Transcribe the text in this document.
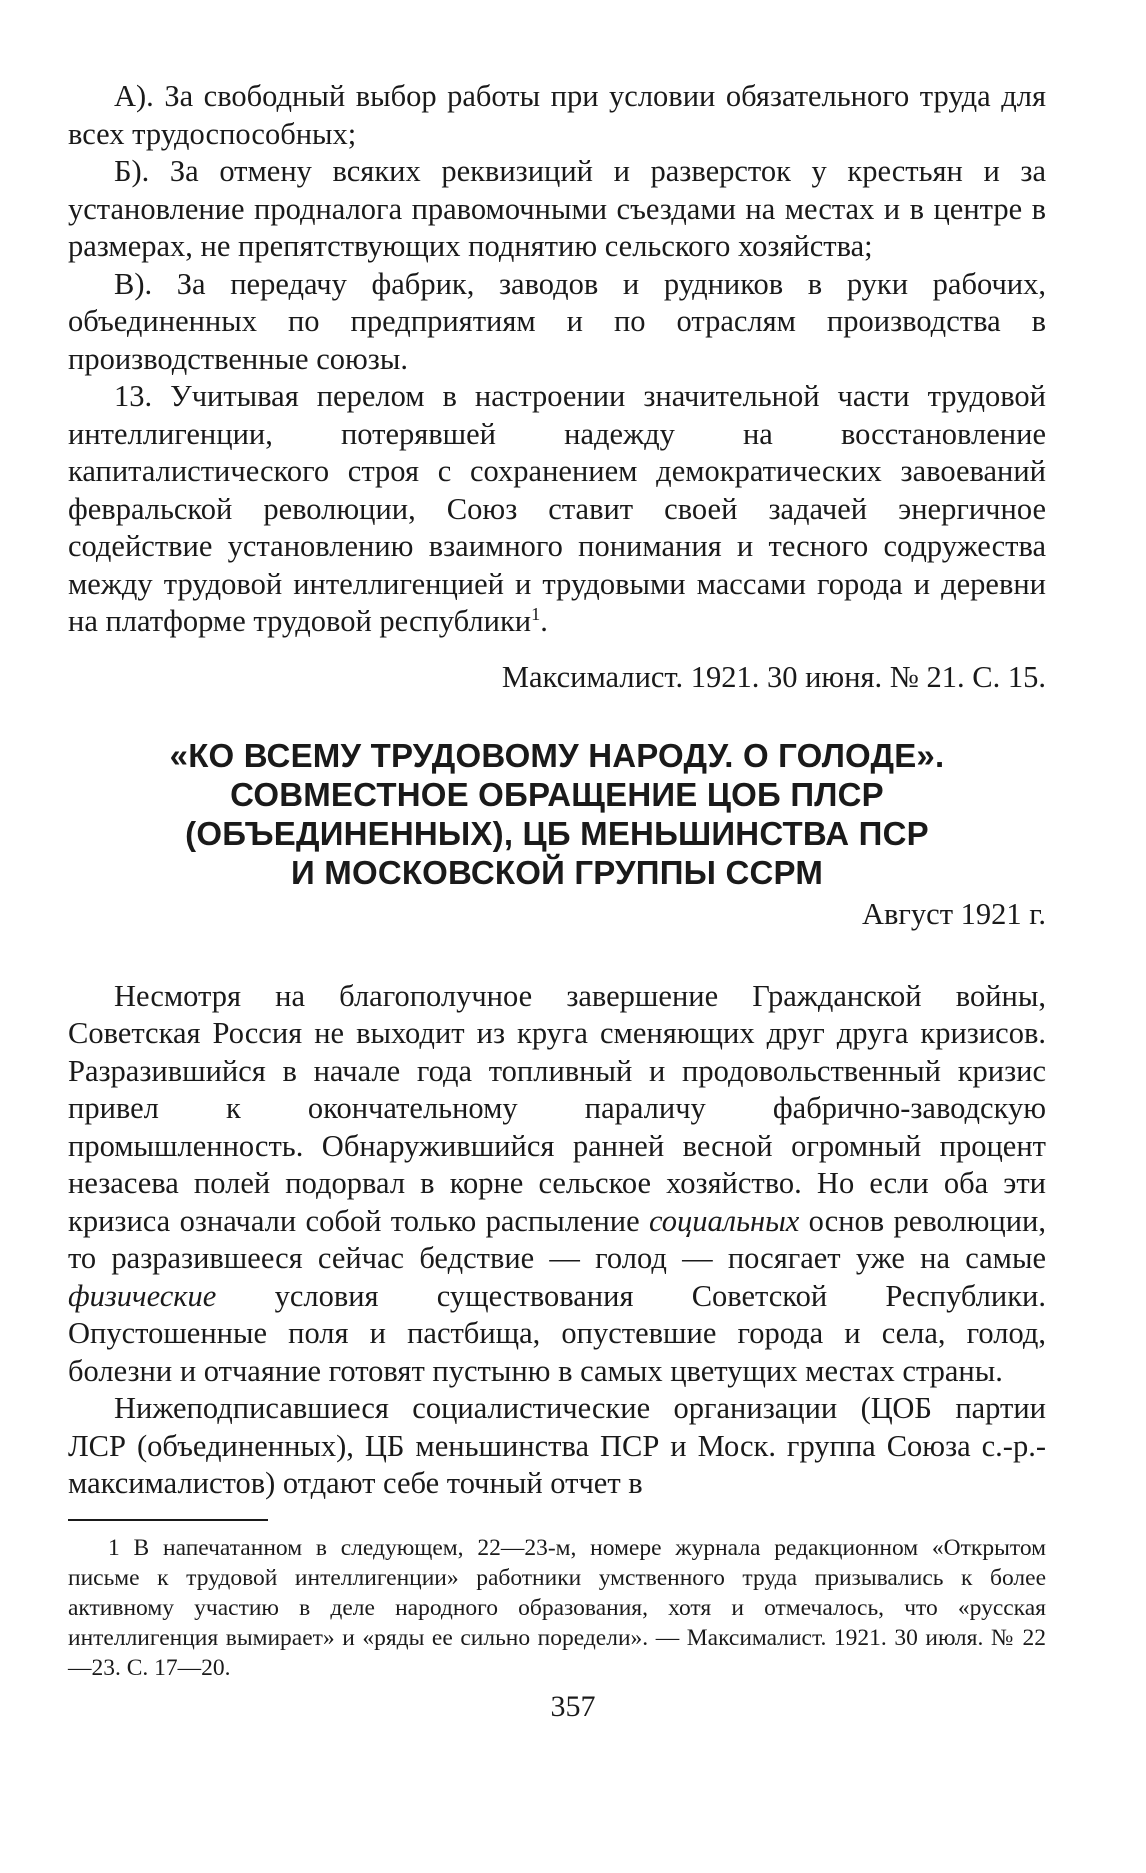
А). За свободный выбор работы при условии обязательного труда для всех трудоспособных;

Б). За отмену всяких реквизиций и разверсток у крестьян и за установление продналога правомочными съездами на местах и в центре в размерах, не препятствующих поднятию сельского хозяйства;

В). За передачу фабрик, заводов и рудников в руки рабочих, объединенных по предприятиям и по отраслям производства в производственные союзы.

13. Учитывая перелом в настроении значительной части трудовой интеллигенции, потерявшей надежду на восстановление капиталистического строя с сохранением демократических завоеваний февральской революции, Союз ставит своей задачей энергичное содействие установлению взаимного понимания и тесного содружества между трудовой интеллигенцией и трудовыми массами города и деревни на платформе трудовой республики$^1$.

Максималист. 1921. 30 июня. № 21. С. 15.

«КО ВСЕМУ ТРУДОВОМУ НАРОДУ. О ГОЛОДЕ».
СОВМЕСТНОЕ ОБРАЩЕНИЕ ЦОБ ПЛСР
(ОБЪЕДИНЕННЫХ), ЦБ МЕНЬШИНСТВА ПСР
И МОСКОВСКОЙ ГРУППЫ ССРМ

Август 1921 г.

Несмотря на благополучное завершение Гражданской войны, Советская Россия не выходит из круга сменяющих друг друга кризисов. Разразившийся в начале года топливный и продовольственный кризис привел к окончательному параличу фабрично-заводскую промышленность. Обнаружившийся ранней весной огромный процент незасева полей подорвал в корне сельское хозяйство. Но если оба эти кризиса означали собой только распыление социальных основ революции, то разразившееся сейчас бедствие — голод — посягает уже на самые физические условия существования Советской Республики. Опустошенные поля и пастбища, опустевшие города и села, голод, болезни и отчаяние готовят пустыню в самых цветущих местах страны.

Нижеподписавшиеся социалистические организации (ЦОБ партии ЛСР (объединенных), ЦБ меньшинства ПСР и Моск. группа Союза с.-р.-максималистов) отдают себе точный отчет в

1 В напечатанном в следующем, 22—23-м, номере журнала редакционном «Открытом письме к трудовой интеллигенции» работники умственного труда призывались к более активному участию в деле народного образования, хотя и отмечалось, что «русская интеллигенция вымирает» и «ряды ее сильно поредели». — Максималист. 1921. 30 июля. № 22—23. С. 17—20.

357
